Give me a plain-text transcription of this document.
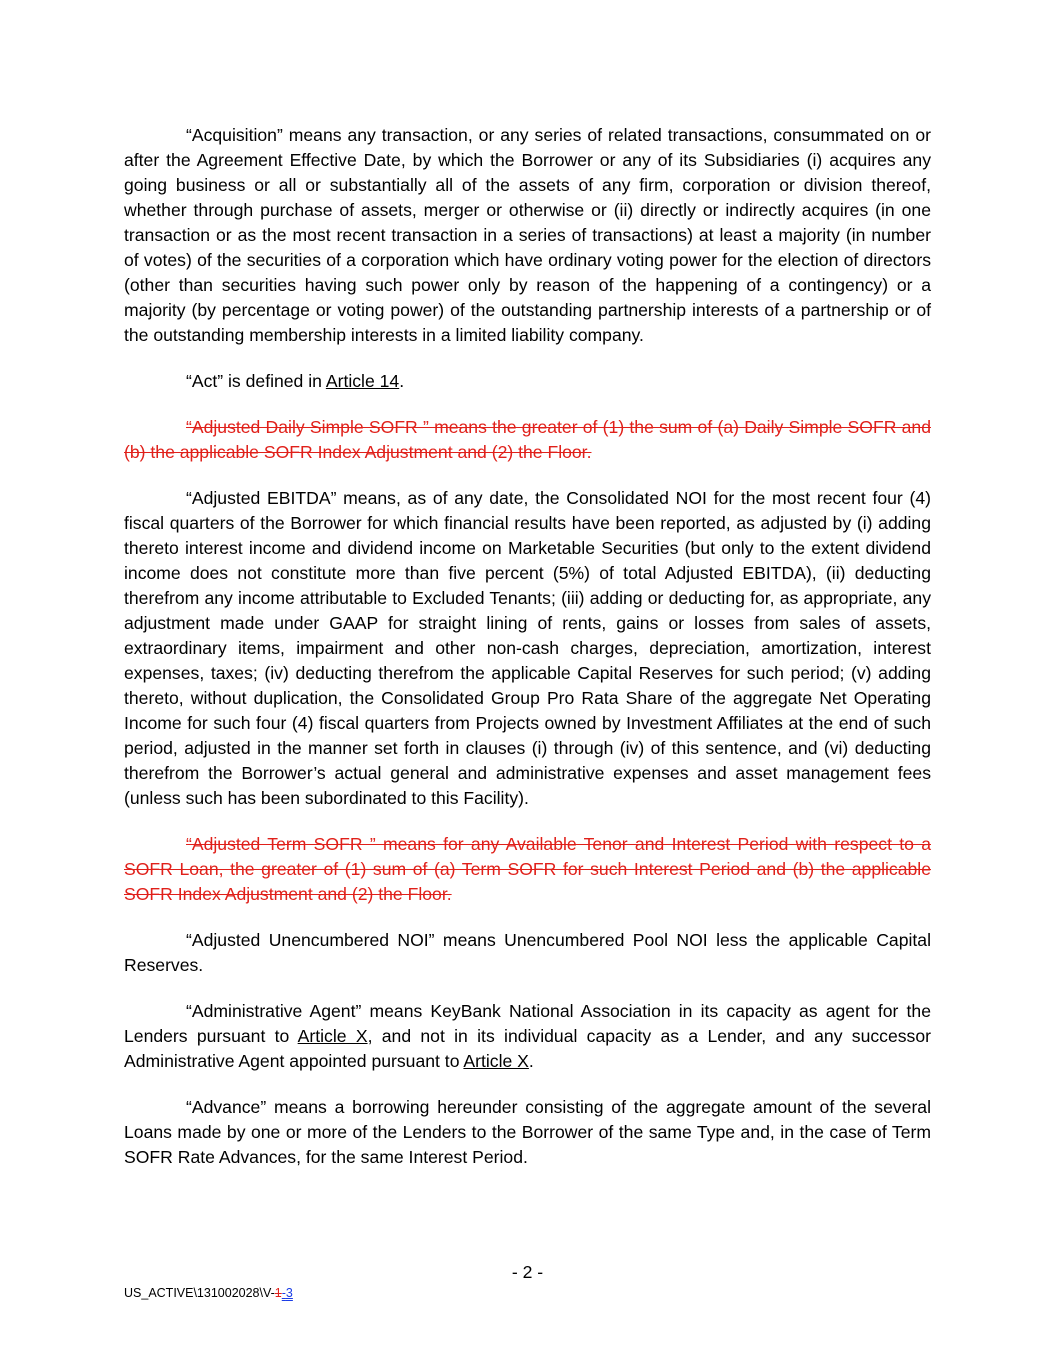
“Acquisition” means any transaction, or any series of related transactions, consummated on or after the Agreement Effective Date, by which the Borrower or any of its Subsidiaries (i) acquires any going business or all or substantially all of the assets of any firm, corporation or division thereof, whether through purchase of assets, merger or otherwise or (ii) directly or indirectly acquires (in one transaction or as the most recent transaction in a series of transactions) at least a majority (in number of votes) of the securities of a corporation which have ordinary voting power for the election of directors (other than securities having such power only by reason of the happening of a contingency) or a majority (by percentage or voting power) of the outstanding partnership interests of a partnership or of the outstanding membership interests in a limited liability company.

“Act” is defined in Article 14.

“Adjusted Daily Simple SOFR ” means the greater of (1) the sum of (a) Daily Simple SOFR and (b) the applicable SOFR Index Adjustment and (2) the Floor.

“Adjusted EBITDA” means, as of any date, the Consolidated NOI for the most recent four (4) fiscal quarters of the Borrower for which financial results have been reported, as adjusted by (i) adding thereto interest income and dividend income on Marketable Securities (but only to the extent dividend income does not constitute more than five percent (5%) of total Adjusted EBITDA), (ii) deducting therefrom any income attributable to Excluded Tenants; (iii) adding or deducting for, as appropriate, any adjustment made under GAAP for straight lining of rents, gains or losses from sales of assets, extraordinary items, impairment and other non-cash charges, depreciation, amortization, interest expenses, taxes; (iv) deducting therefrom the applicable Capital Reserves for such period; (v) adding thereto, without duplication, the Consolidated Group Pro Rata Share of the aggregate Net Operating Income for such four (4) fiscal quarters from Projects owned by Investment Affiliates at the end of such period, adjusted in the manner set forth in clauses (i) through (iv) of this sentence, and (vi) deducting therefrom the Borrower’s actual general and administrative expenses and asset management fees (unless such has been subordinated to this Facility).

“Adjusted Term SOFR ” means for any Available Tenor and Interest Period with respect to a SOFR Loan, the greater of (1) sum of (a) Term SOFR for such Interest Period and (b) the applicable SOFR Index Adjustment and (2) the Floor.

“Adjusted Unencumbered NOI” means Unencumbered Pool NOI less the applicable Capital Reserves.

“Administrative Agent” means KeyBank National Association in its capacity as agent for the Lenders pursuant to Article X, and not in its individual capacity as a Lender, and any successor Administrative Agent appointed pursuant to Article X.

“Advance” means a borrowing hereunder consisting of the aggregate amount of the several Loans made by one or more of the Lenders to the Borrower of the same Type and, in the case of Term SOFR Rate Advances, for the same Interest Period.

- 2 -
US_ACTIVE\131002028\V-1-3
